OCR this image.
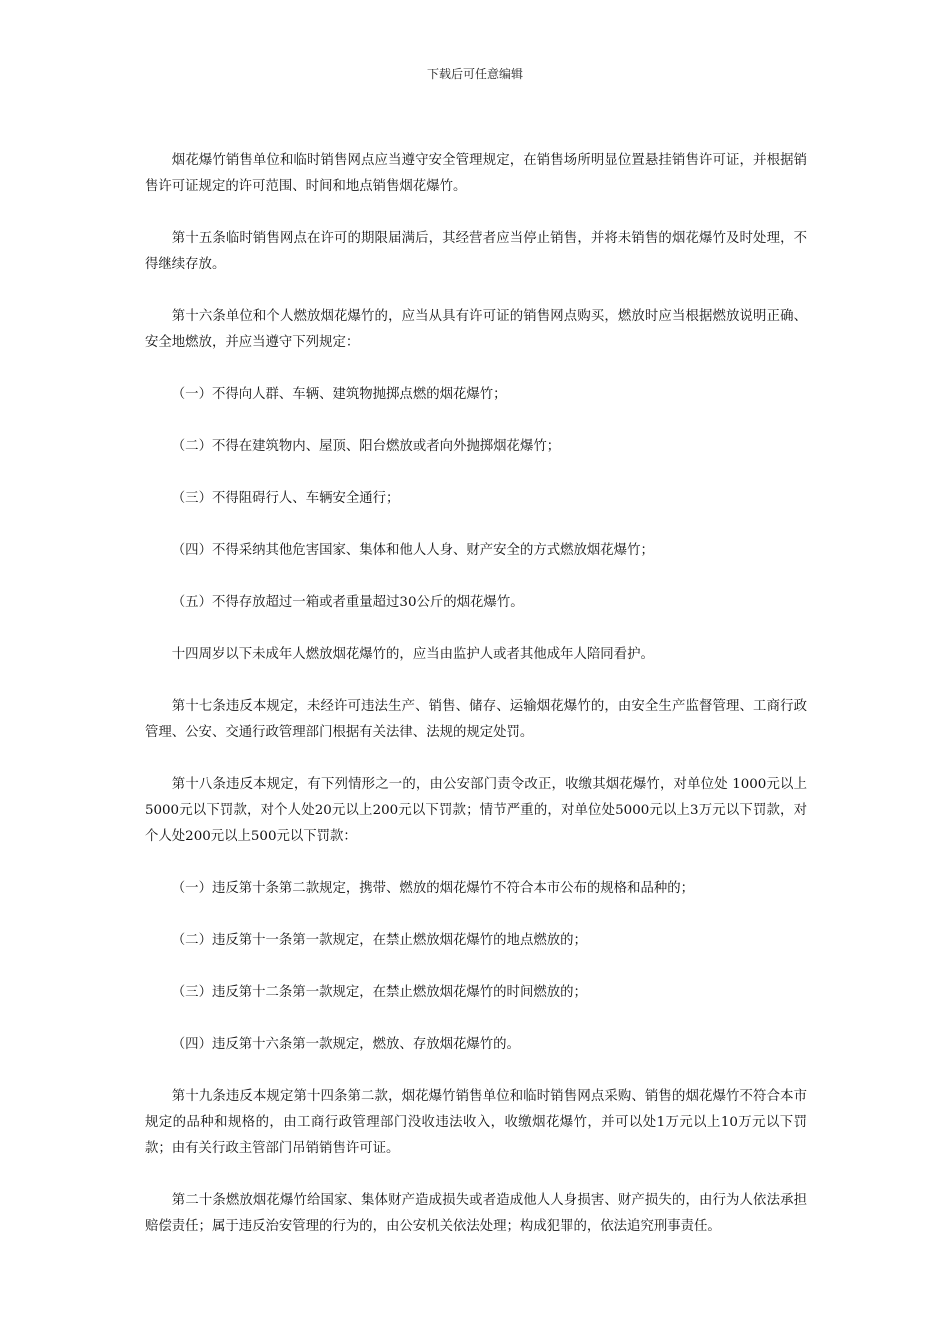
下载后可任意编辑

烟花爆竹销售单位和临时销售网点应当遵守安全管理规定，在销售场所明显位置悬挂销售许可证，并根据销售许可证规定的许可范围、时间和地点销售烟花爆竹。

第十五条临时销售网点在许可的期限届满后，其经营者应当停止销售，并将未销售的烟花爆竹及时处理，不得继续存放。

第十六条单位和个人燃放烟花爆竹的，应当从具有许可证的销售网点购买，燃放时应当根据燃放说明正确、安全地燃放，并应当遵守下列规定：

（一）不得向人群、车辆、建筑物抛掷点燃的烟花爆竹；

（二）不得在建筑物内、屋顶、阳台燃放或者向外抛掷烟花爆竹；

（三）不得阻碍行人、车辆安全通行；

（四）不得采纳其他危害国家、集体和他人人身、财产安全的方式燃放烟花爆竹；

（五）不得存放超过一箱或者重量超过30公斤的烟花爆竹。

十四周岁以下未成年人燃放烟花爆竹的，应当由监护人或者其他成年人陪同看护。

第十七条违反本规定，未经许可违法生产、销售、储存、运输烟花爆竹的，由安全生产监督管理、工商行政管理、公安、交通行政管理部门根据有关法律、法规的规定处罚。

第十八条违反本规定，有下列情形之一的，由公安部门责令改正，收缴其烟花爆竹，对单位处 1000元以上5000元以下罚款，对个人处20元以上200元以下罚款；情节严重的，对单位处5000元以上3万元以下罚款，对个人处200元以上500元以下罚款：

（一）违反第十条第二款规定，携带、燃放的烟花爆竹不符合本市公布的规格和品种的；

（二）违反第十一条第一款规定，在禁止燃放烟花爆竹的地点燃放的；

（三）违反第十二条第一款规定，在禁止燃放烟花爆竹的时间燃放的；

（四）违反第十六条第一款规定，燃放、存放烟花爆竹的。

第十九条违反本规定第十四条第二款，烟花爆竹销售单位和临时销售网点采购、销售的烟花爆竹不符合本市规定的品种和规格的，由工商行政管理部门没收违法收入，收缴烟花爆竹，并可以处1万元以上10万元以下罚款；由有关行政主管部门吊销销售许可证。

第二十条燃放烟花爆竹给国家、集体财产造成损失或者造成他人人身损害、财产损失的，由行为人依法承担赔偿责任；属于违反治安管理的行为的，由公安机关依法处理；构成犯罪的，依法追究刑事责任。
